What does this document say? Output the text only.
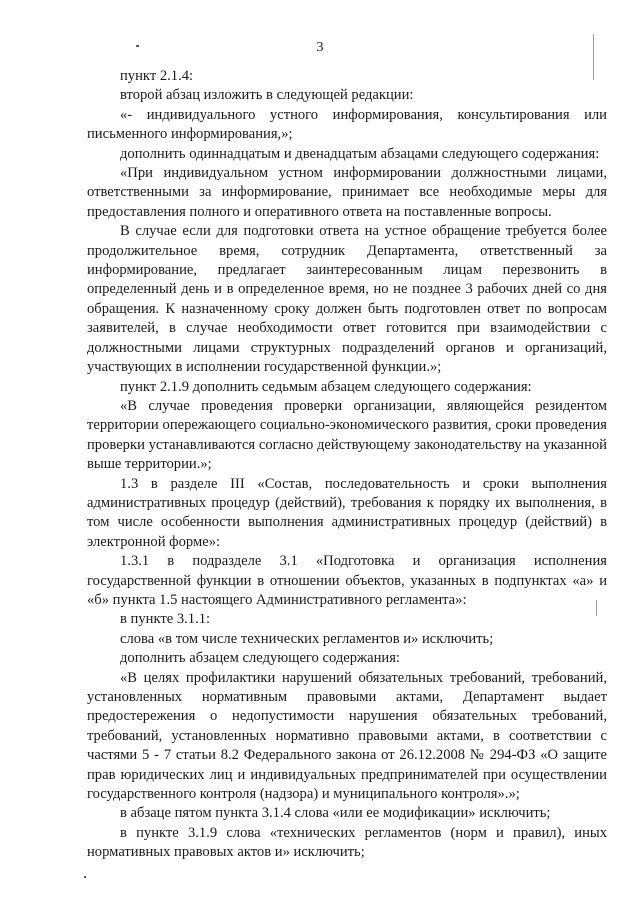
3

пункт 2.1.4:

второй абзац изложить в следующей редакции:

«- индивидуального устного информирования, консультирования или письменного информирования,»;

дополнить одиннадцатым и двенадцатым абзацами следующего содержания:

«При индивидуальном устном информировании должностными лицами, ответственными за информирование, принимает все необходимые меры для предоставления полного и оперативного ответа на поставленные вопросы.

В случае если для подготовки ответа на устное обращение требуется более продолжительное время, сотрудник Департамента, ответственный за информирование, предлагает заинтересованным лицам перезвонить в определенный день и в определенное время, но не позднее 3 рабочих дней со дня обращения. К назначенному сроку должен быть подготовлен ответ по вопросам заявителей, в случае необходимости ответ готовится при взаимодействии с должностными лицами структурных подразделений органов и организаций, участвующих в исполнении государственной функции.»;

пункт 2.1.9 дополнить седьмым абзацем следующего содержания:

«В случае проведения проверки организации, являющейся резидентом территории опережающего социально-экономического развития, сроки проведения проверки устанавливаются согласно действующему законодательству на указанной выше территории.»;

1.3 в разделе III «Состав, последовательность и сроки выполнения административных процедур (действий), требования к порядку их выполнения, в том числе особенности выполнения административных процедур (действий) в электронной форме»:

1.3.1 в подразделе 3.1 «Подготовка и организация исполнения государственной функции в отношении объектов, указанных в подпунктах «а» и «б» пункта 1.5 настоящего Административного регламента»:

в пункте 3.1.1:

слова «в том числе технических регламентов и» исключить;

дополнить абзацем следующего содержания:

«В целях профилактики нарушений обязательных требований, требований, установленных нормативным правовыми актами, Департамент выдает предостережения о недопустимости нарушения обязательных требований, требований, установленных нормативно правовыми актами, в соответствии с частями 5 - 7 статьи 8.2 Федерального закона от 26.12.2008 № 294-ФЗ «О защите прав юридических лиц и индивидуальных предпринимателей при осуществлении государственного контроля (надзора) и муниципального контроля».»;

в абзаце пятом пункта 3.1.4 слова «или ее модификации» исключить;

в пункте 3.1.9 слова «технических регламентов (норм и правил), иных нормативных правовых актов и» исключить;
